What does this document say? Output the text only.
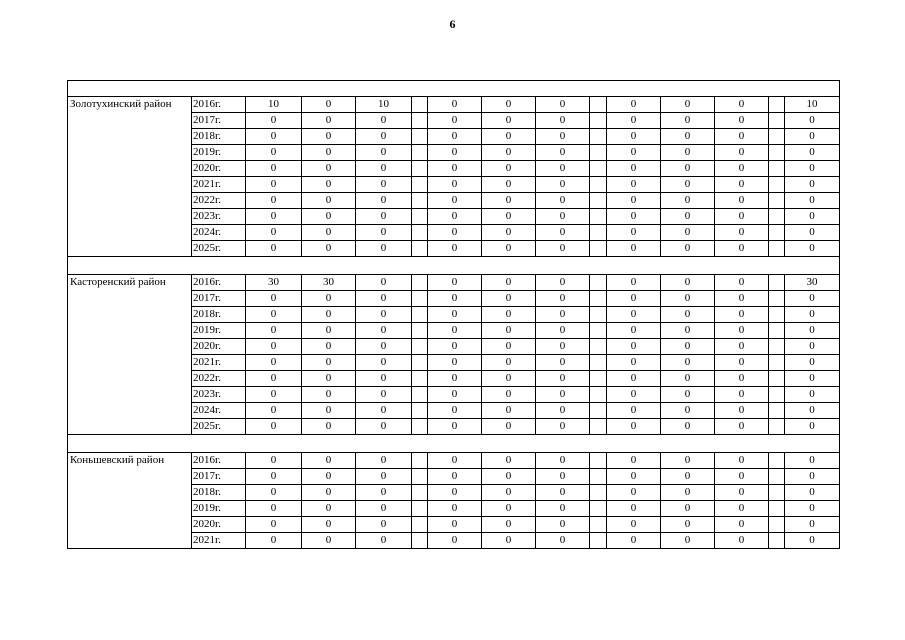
6

Золотухинский район	2016г.	10	0	10		0	0	0		0	0	0		10
	2017г.	0	0	0		0	0	0		0	0	0		0
	2018г.	0	0	0		0	0	0		0	0	0		0
	2019г.	0	0	0		0	0	0		0	0	0		0
	2020г.	0	0	0		0	0	0		0	0	0		0
	2021г.	0	0	0		0	0	0		0	0	0		0
	2022г.	0	0	0		0	0	0		0	0	0		0
	2023г.	0	0	0		0	0	0		0	0	0		0
	2024г.	0	0	0		0	0	0		0	0	0		0
	2025г.	0	0	0		0	0	0		0	0	0		0

Касторенский район	2016г.	30	30	0		0	0	0		0	0	0		30
	2017г.	0	0	0		0	0	0		0	0	0		0
	2018г.	0	0	0		0	0	0		0	0	0		0
	2019г.	0	0	0		0	0	0		0	0	0		0
	2020г.	0	0	0		0	0	0		0	0	0		0
	2021г.	0	0	0		0	0	0		0	0	0		0
	2022г.	0	0	0		0	0	0		0	0	0		0
	2023г.	0	0	0		0	0	0		0	0	0		0
	2024г.	0	0	0		0	0	0		0	0	0		0
	2025г.	0	0	0		0	0	0		0	0	0		0

Коньшевский район	2016г.	0	0	0		0	0	0		0	0	0		0
	2017г.	0	0	0		0	0	0		0	0	0		0
	2018г.	0	0	0		0	0	0		0	0	0		0
	2019г.	0	0	0		0	0	0		0	0	0		0
	2020г.	0	0	0		0	0	0		0	0	0		0
	2021г.	0	0	0		0	0	0		0	0	0		0
